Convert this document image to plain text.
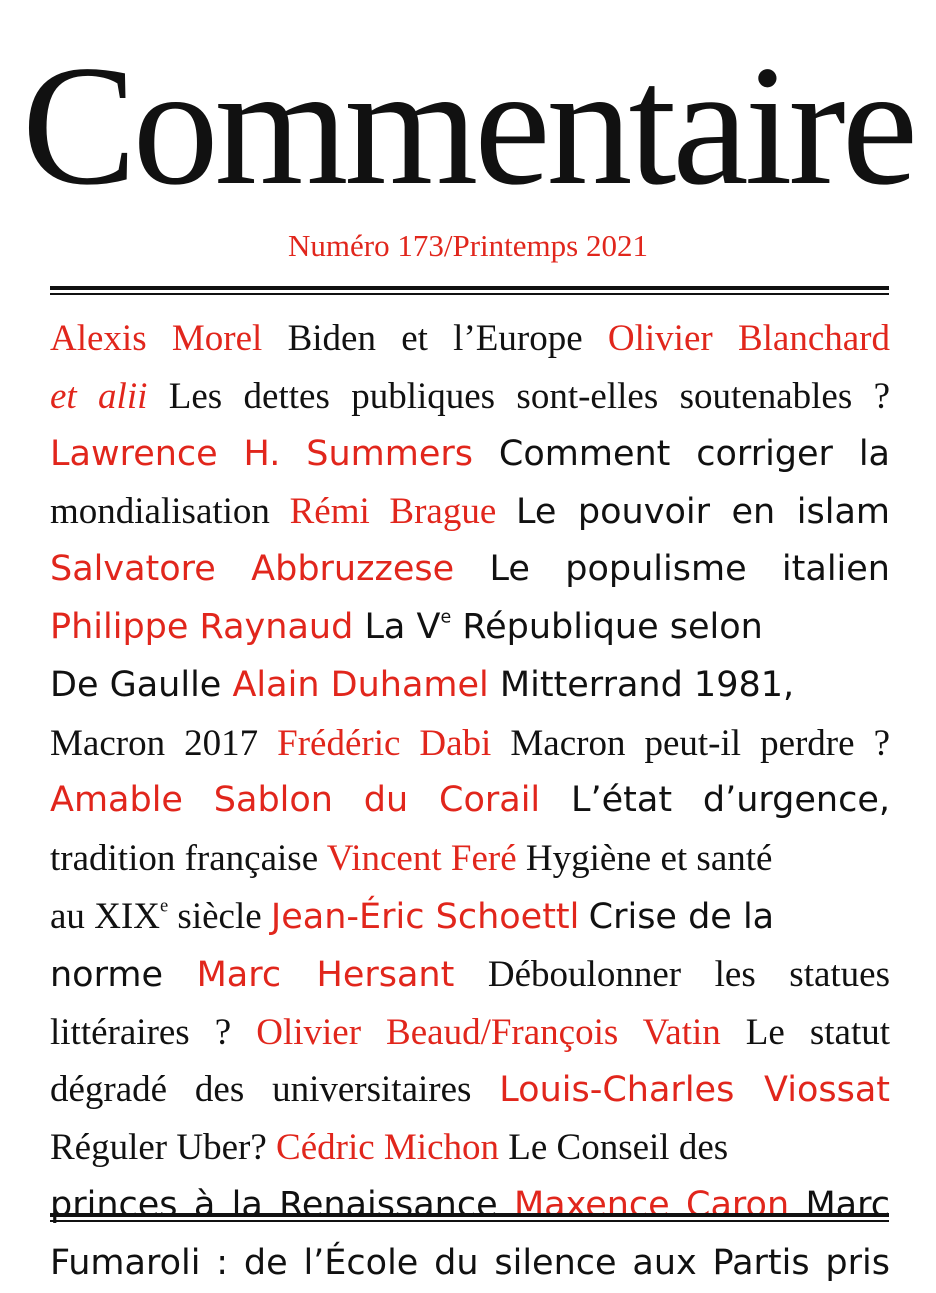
Commentaire
Numéro 173/Printemps 2021
Alexis Morel Biden et l’Europe Olivier Blanchard
et alii Les dettes publiques sont-elles soutenables ?
Lawrence H. Summers Comment corriger la
mondialisation Rémi Brague Le pouvoir en islam
Salvatore Abbruzzese Le populisme italien
Philippe Raynaud La Ve République selon
De Gaulle Alain Duhamel Mitterrand 1981,
Macron 2017 Frédéric Dabi Macron peut-il perdre ?
Amable Sablon du Corail L’état d’urgence,
tradition française Vincent Feré Hygiène et santé
au XIXe siècle Jean-Éric Schoettl Crise de la
norme Marc Hersant Déboulonner les statues
littéraires ? Olivier Beaud/François Vatin Le statut
dégradé des universitaires Louis-Charles Viossat
Réguler Uber? Cédric Michon Le Conseil des
princes à la Renaissance Maxence Caron Marc
Fumaroli : de l’École du silence aux Partis pris
